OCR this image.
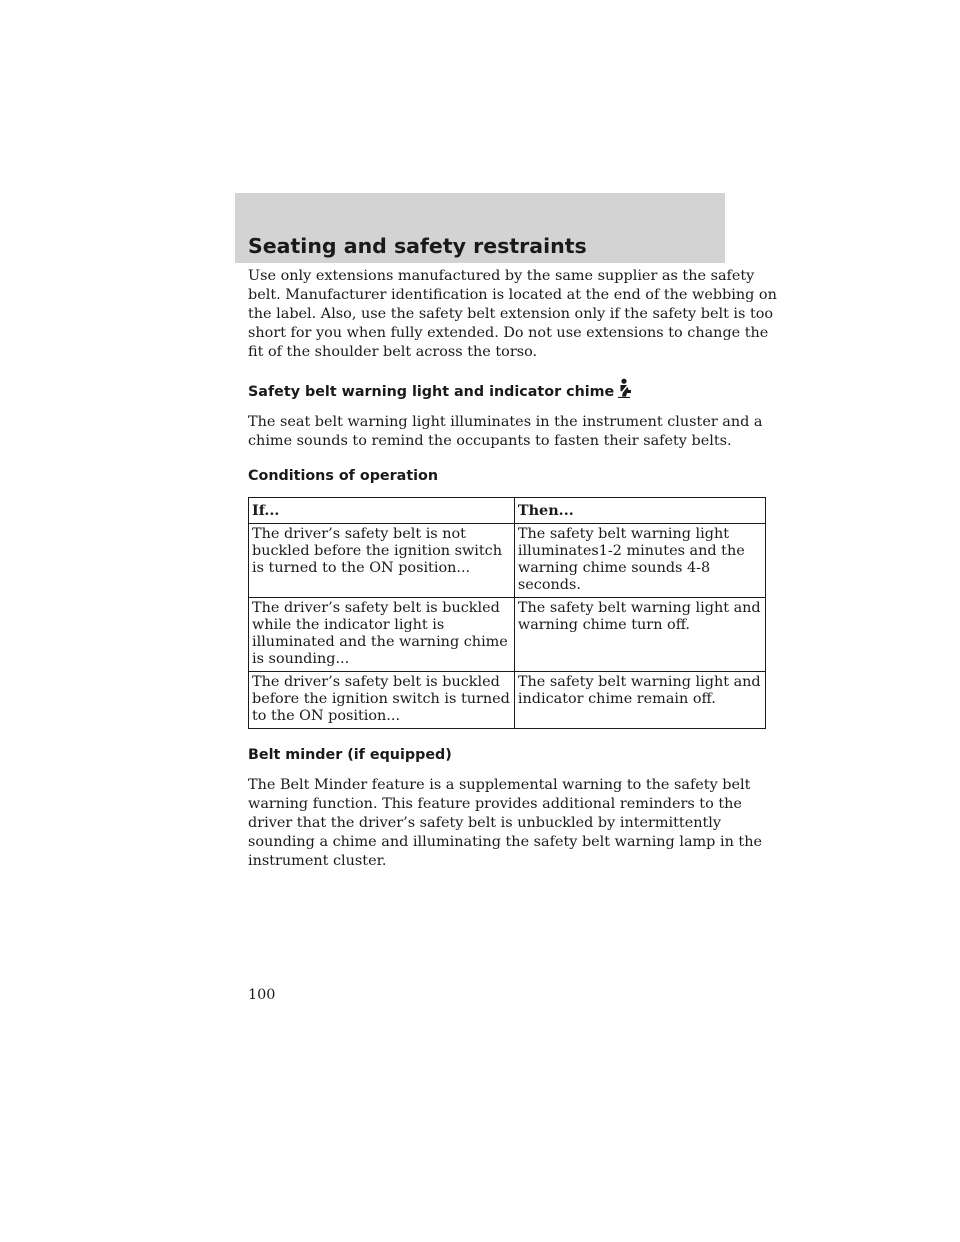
Seating and safety restraints

Use only extensions manufactured by the same supplier as the safety
belt. Manufacturer identification is located at the end of the webbing on
the label. Also, use the safety belt extension only if the safety belt is too
short for you when fully extended. Do not use extensions to change the
fit of the shoulder belt across the torso.

Safety belt warning light and indicator chime

The seat belt warning light illuminates in the instrument cluster and a
chime sounds to remind the occupants to fasten their safety belts.

Conditions of operation
If...	Then...

The driver’s safety belt is not
buckled before the ignition switch
is turned to the ON position...	The safety belt warning light
illuminates1-2 minutes and the
warning chime sounds 4-8
seconds.

The driver’s safety belt is buckled
while the indicator light is
illuminated and the warning chime
is sounding...	The safety belt warning light and
warning chime turn off.

The driver’s safety belt is buckled
before the ignition switch is turned
to the ON position...	The safety belt warning light and
indicator chime remain off.
Belt minder (if equipped)

The Belt Minder feature is a supplemental warning to the safety belt
warning function. This feature provides additional reminders to the
driver that the driver’s safety belt is unbuckled by intermittently
sounding a chime and illuminating the safety belt warning lamp in the
instrument cluster.

100
